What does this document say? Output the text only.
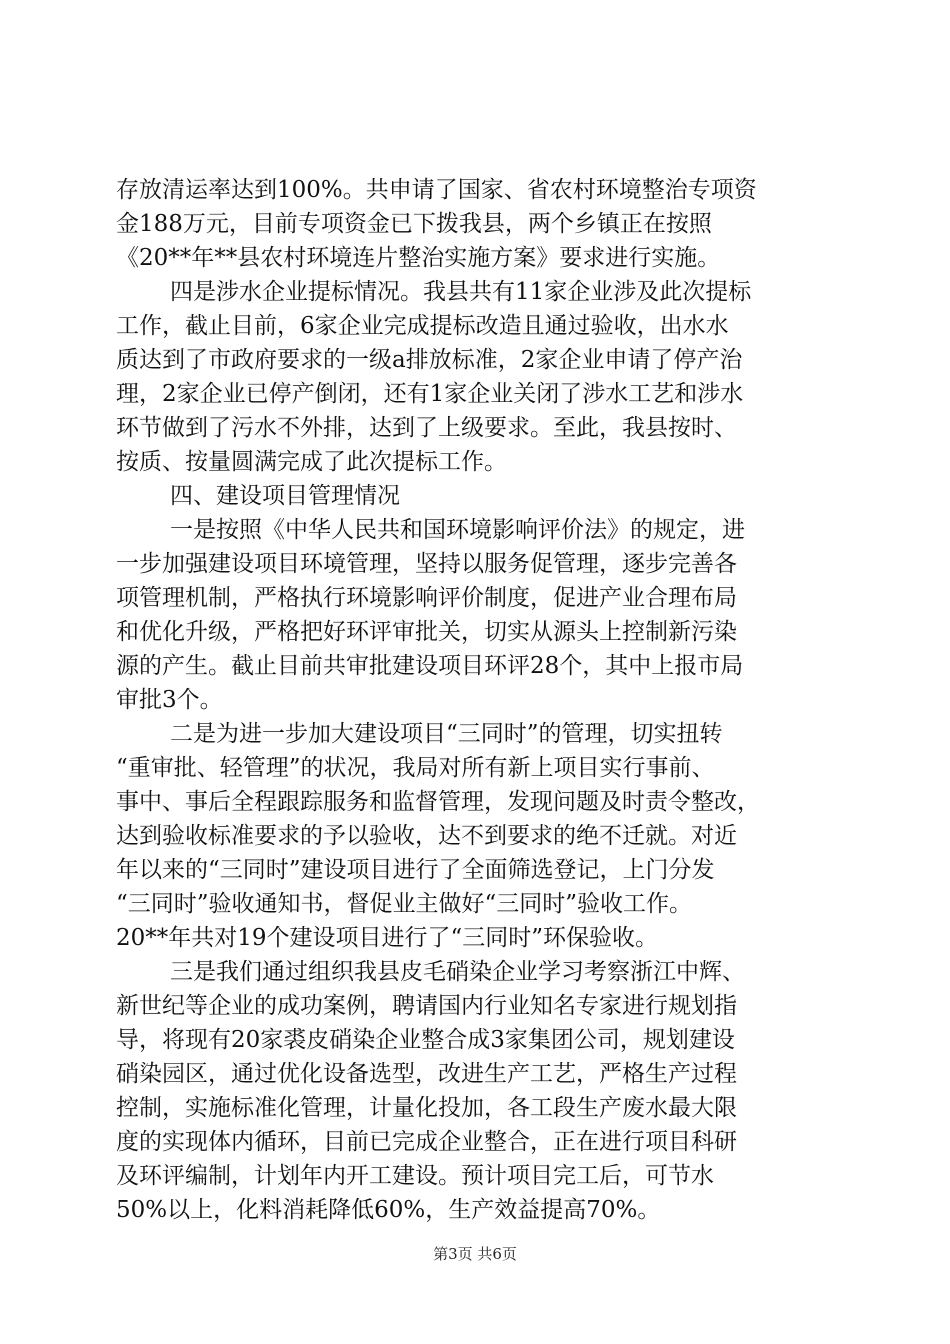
存放清运率达到100%。共申请了国家、省农村环境整治专项资
金188万元，目前专项资金已下拨我县，两个乡镇正在按照
《20**年**县农村环境连片整治实施方案》要求进行实施。
四是涉水企业提标情况。我县共有11家企业涉及此次提标
工作，截止目前，6家企业完成提标改造且通过验收，出水水
质达到了市政府要求的一级a排放标准，2家企业申请了停产治
理，2家企业已停产倒闭，还有1家企业关闭了涉水工艺和涉水
环节做到了污水不外排，达到了上级要求。至此，我县按时、
按质、按量圆满完成了此次提标工作。
四、建设项目管理情况
一是按照《中华人民共和国环境影响评价法》的规定，进
一步加强建设项目环境管理，坚持以服务促管理，逐步完善各
项管理机制，严格执行环境影响评价制度，促进产业合理布局
和优化升级，严格把好环评审批关，切实从源头上控制新污染
源的产生。截止目前共审批建设项目环评28个，其中上报市局
审批3个。
二是为进一步加大建设项目“三同时”的管理，切实扭转
“重审批、轻管理”的状况，我局对所有新上项目实行事前、
事中、事后全程跟踪服务和监督管理，发现问题及时责令整改，
达到验收标准要求的予以验收，达不到要求的绝不迁就。对近
年以来的“三同时”建设项目进行了全面筛选登记，上门分发
“三同时”验收通知书，督促业主做好“三同时”验收工作。
20**年共对19个建设项目进行了“三同时”环保验收。
三是我们通过组织我县皮毛硝染企业学习考察浙江中辉、
新世纪等企业的成功案例，聘请国内行业知名专家进行规划指
导，将现有20家裘皮硝染企业整合成3家集团公司，规划建设
硝染园区，通过优化设备选型，改进生产工艺，严格生产过程
控制，实施标准化管理，计量化投加，各工段生产废水最大限
度的实现体内循环，目前已完成企业整合，正在进行项目科研
及环评编制，计划年内开工建设。预计项目完工后，可节水
50%以上，化料消耗降低60%，生产效益提高70%。
第3页 共6页
